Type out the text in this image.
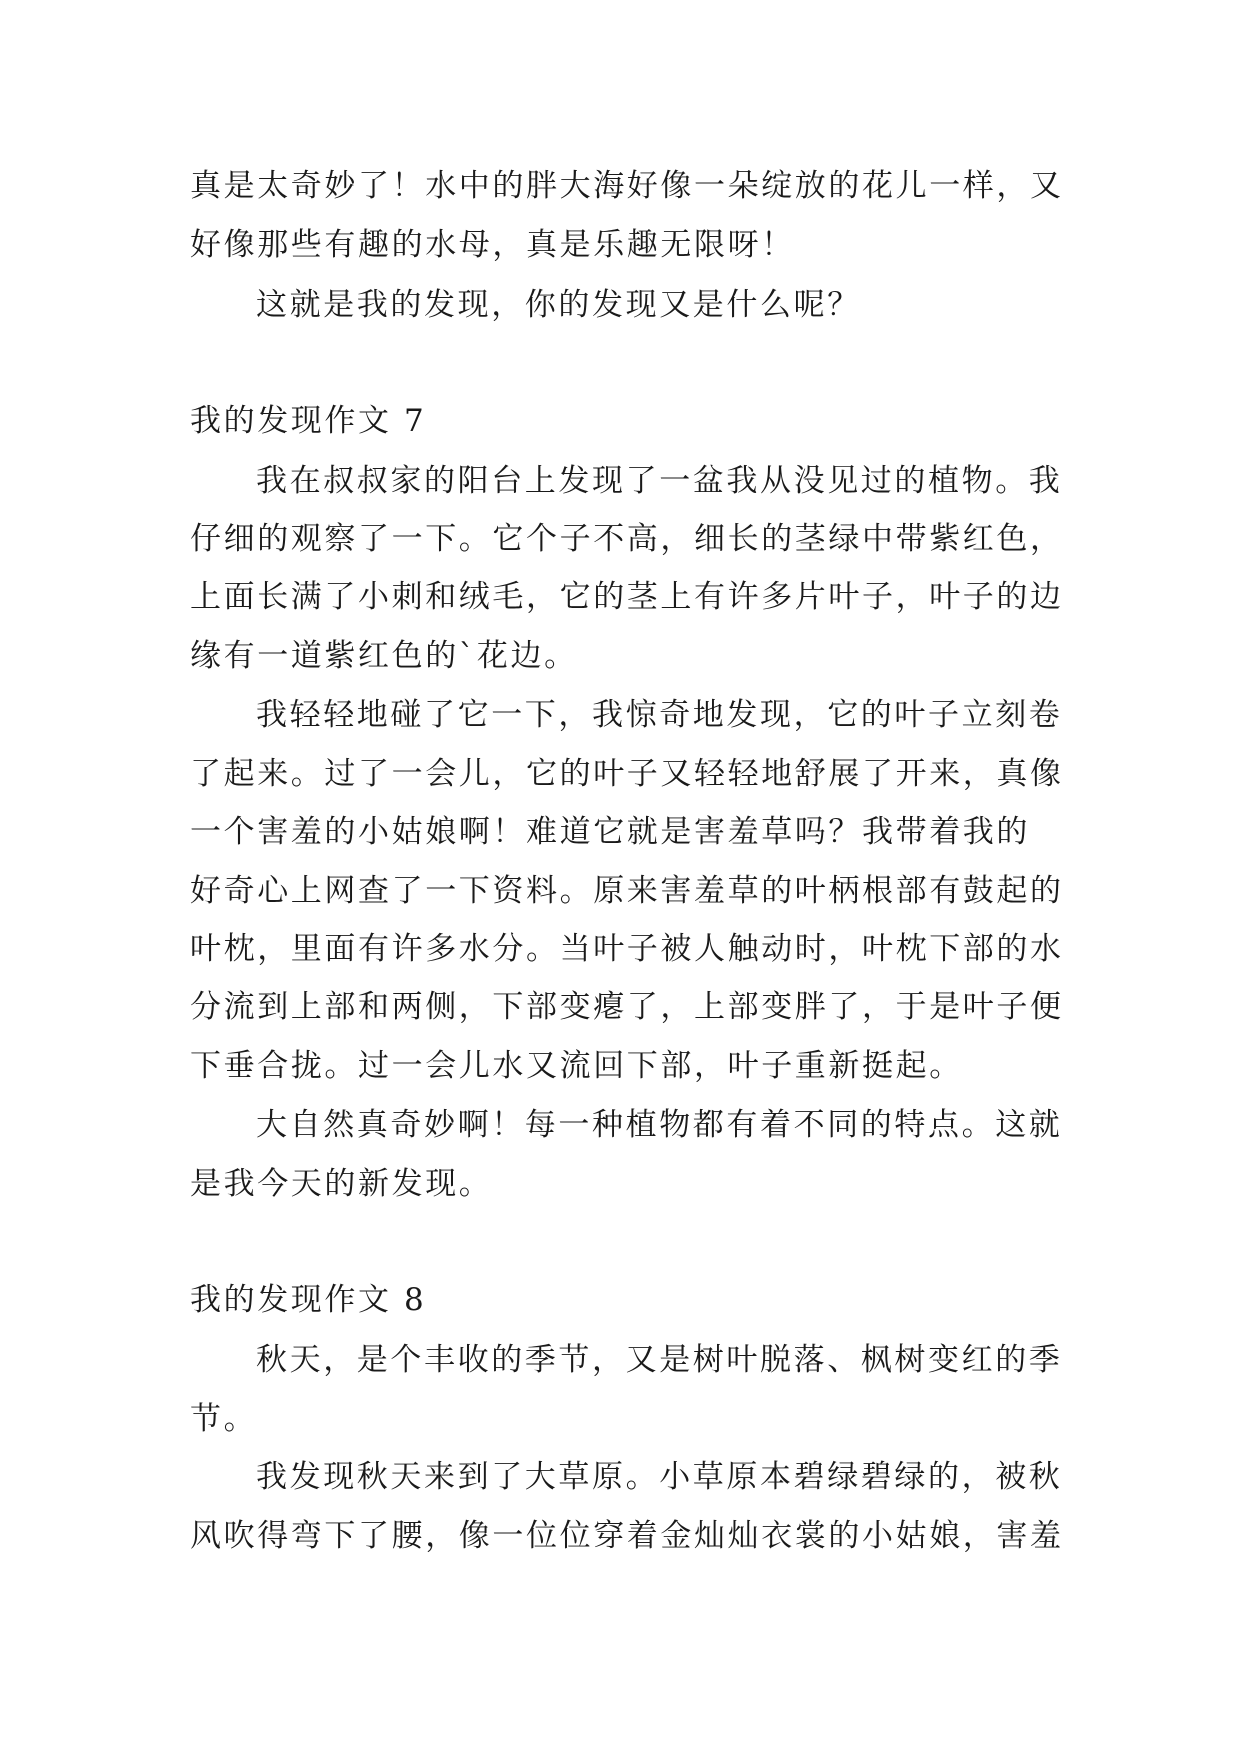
真是太奇妙了！水中的胖大海好像一朵绽放的花儿一样，又
好像那些有趣的水母，真是乐趣无限呀！
这就是我的发现，你的发现又是什么呢？
我的发现作文 7
我在叔叔家的阳台上发现了一盆我从没见过的植物。我
仔细的观察了一下。它个子不高，细长的茎绿中带紫红色，
上面长满了小刺和绒毛，它的茎上有许多片叶子，叶子的边
缘有一道紫红色的`花边。
我轻轻地碰了它一下，我惊奇地发现，它的叶子立刻卷
了起来。过了一会儿，它的叶子又轻轻地舒展了开来，真像
一个害羞的小姑娘啊！难道它就是害羞草吗？我带着我的
好奇心上网查了一下资料。原来害羞草的叶柄根部有鼓起的
叶枕，里面有许多水分。当叶子被人触动时，叶枕下部的水
分流到上部和两侧，下部变瘪了，上部变胖了，于是叶子便
下垂合拢。过一会儿水又流回下部，叶子重新挺起。
大自然真奇妙啊！每一种植物都有着不同的特点。这就
是我今天的新发现。
我的发现作文 8
秋天，是个丰收的季节，又是树叶脱落、枫树变红的季
节。
我发现秋天来到了大草原。小草原本碧绿碧绿的，被秋
风吹得弯下了腰，像一位位穿着金灿灿衣裳的小姑娘，害羞
